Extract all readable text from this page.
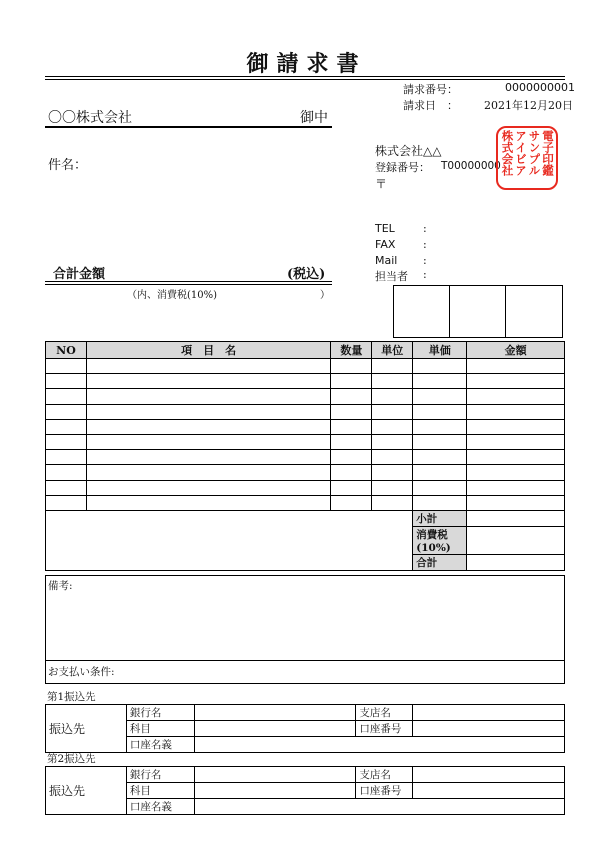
御請求書
請求番号：	0000000001
請求日　： 2021年12月20日
〇〇株式会社	御中
件名：
合計金額	(税込)
（内、消費税(10%)	）
株式会社△△
登録番号： T00000000
〒
TEL	:
FAX	:
Mail :
担当者 :
電子印鑑
サンプル
アイビア
株式会社
NO	項　目　名	数量	単位	単価	金額

				小計	
				消費税(10%)	
				合計	
備考:
お支払い条件:
第1振込先
振込先	銀行名		支店名	
	科目		口座番号	
	口座名義			
第2振込先
振込先	銀行名		支店名	
	科目		口座番号	
	口座名義			
